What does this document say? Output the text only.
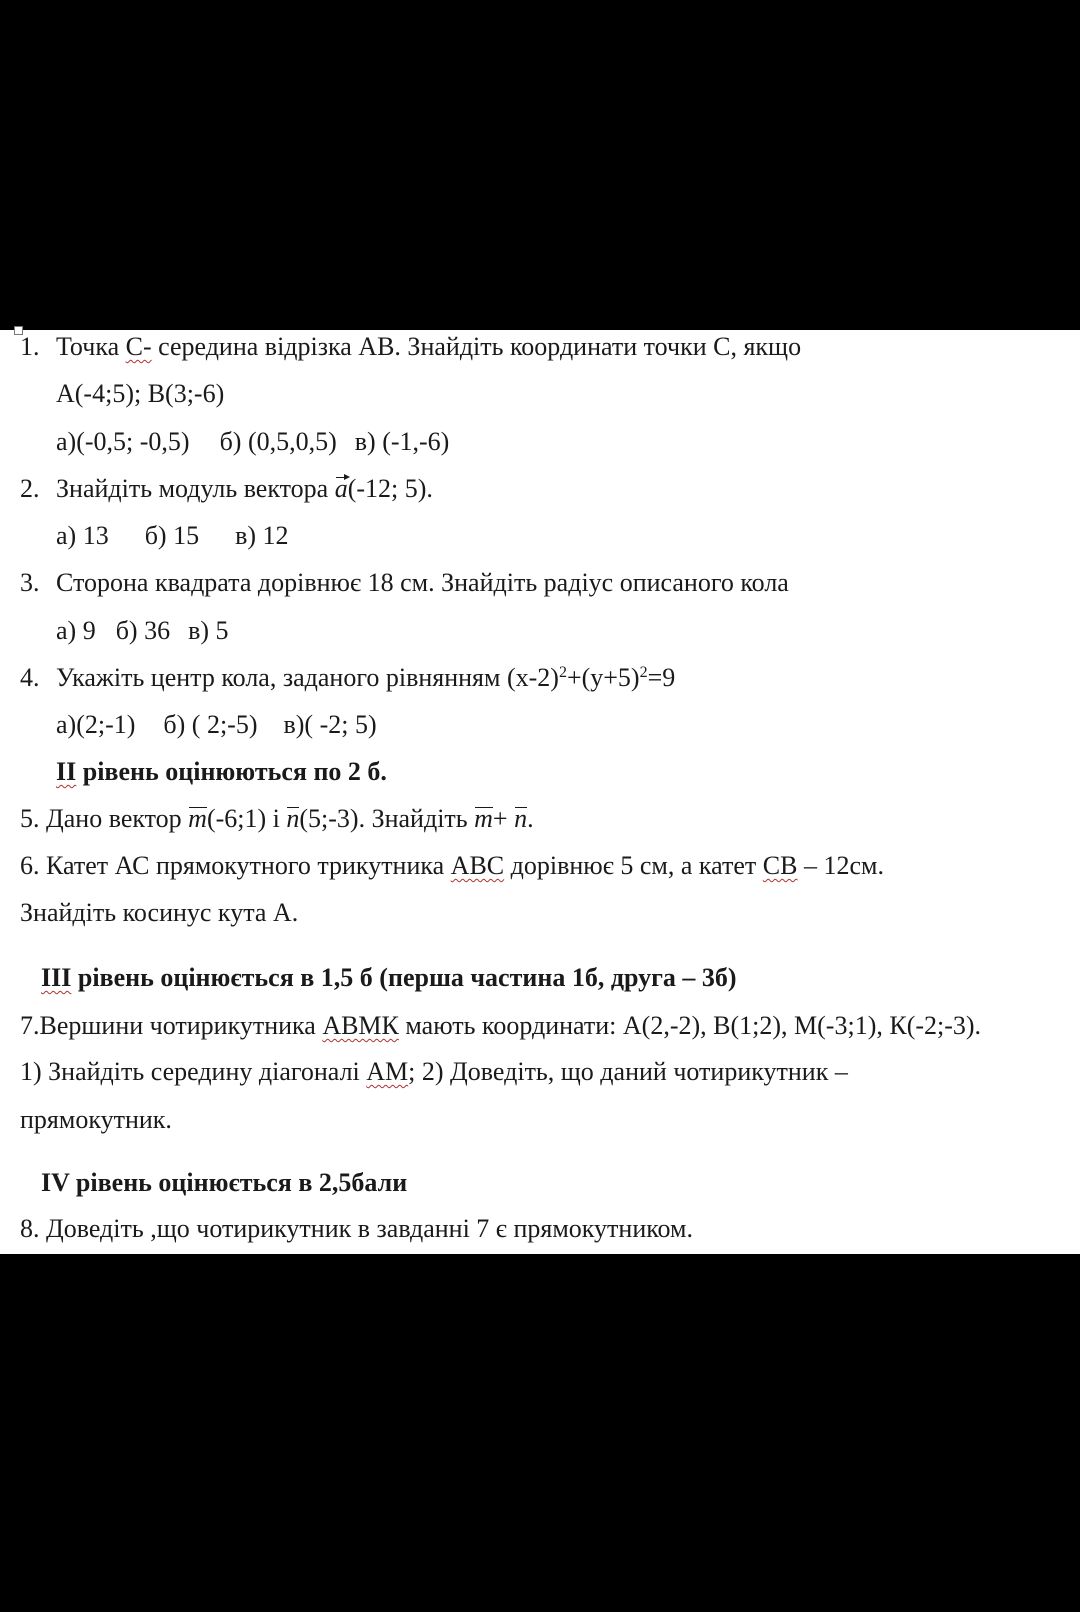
1. Точка С- середина відрізка АВ. Знайдіть координати точки С, якщо
А(-4;5); В(3;-6)
а)(-0,5; -0,5) б) (0,5,0,5) в) (-1,-6)
2. Знайдіть модуль вектора a(-12; 5).
а) 13 б) 15 в) 12
3. Сторона квадрата дорівнює 18 см. Знайдіть радіус описаного кола
а) 9 б) 36 в) 5
4. Укажіть центр кола, заданого рівнянням $(х-2)^2+(у+5)^2=9$
а)(2;-1) б) ( 2;-5) в)( -2; 5)
ІІ рівень оцінюються по 2 б.
5. Дано вектор m(-6;1) і n(5;-3). Знайдіть m+ n.
6. Катет АС прямокутного трикутника АВС дорівнює 5 см, а катет СВ – 12см.
Знайдіть косинус кута А.
ІІІ рівень оцінюється в 1,5 б (перша частина 1б, друга – 3б)
7.Вершини чотирикутника АВМК мають координати: А(2,-2), В(1;2), М(-3;1), К(-2;-3).
1) Знайдіть середину діагоналі АМ; 2) Доведіть, що даний чотирикутник –
прямокутник.
IV рівень оцінюється в 2,5бали
8. Доведіть ,що чотирикутник в завданні 7 є прямокутником.
